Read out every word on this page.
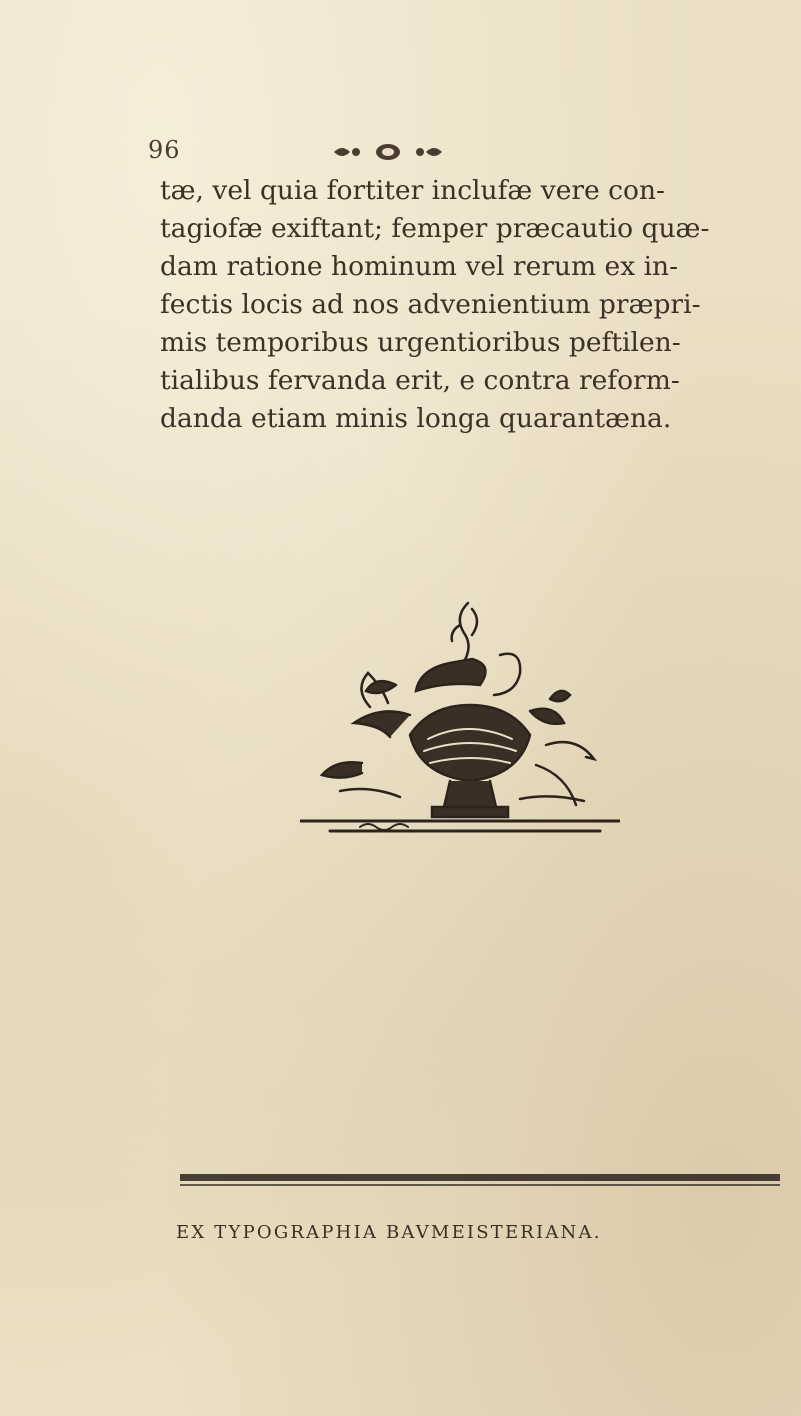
96

tæ, vel quia fortiter inclufæ vere con-
tagiofæ exiftant; femper præcautio quæ-
dam ratione hominum vel rerum ex in-
fectis locis ad nos advenientium præpri-
mis temporibus urgentioribus peftilen-
tialibus fervanda erit, e contra reform-
danda etiam minis longa quarantæna.

EX TYPOGRAPHIA BAVMEISTERIANA.
